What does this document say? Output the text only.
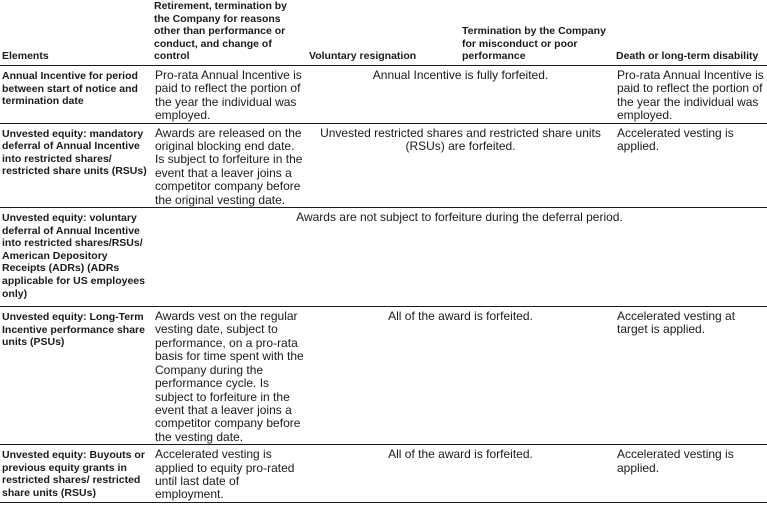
Elements	Retirement, termination by the Company for reasons other than performance or conduct, and change of control	Voluntary resignation	Termination by the Company for misconduct or poor performance	Death or long-term disability
Annual Incentive for period between start of notice and termination date	Pro-rata Annual Incentive is paid to reflect the portion of the year the individual was employed.	Annual Incentive is fully forfeited.		Pro-rata Annual Incentive is paid to reflect the portion of the year the individual was employed.
Unvested equity: mandatory deferral of Annual Incentive into restricted shares/ restricted share units (RSUs)	Awards are released on the original blocking end date. Is subject to forfeiture in the event that a leaver joins a competitor company before the original vesting date.	Unvested restricted shares and restricted share units (RSUs) are forfeited.		Accelerated vesting is applied.
Unvested equity: voluntary deferral of Annual Incentive into restricted shares/RSUs/ American Depository Receipts (ADRs) (ADRs applicable for US employees only)	Awards are not subject to forfeiture during the deferral period.			
Unvested equity: Long-Term Incentive performance share units (PSUs)	Awards vest on the regular vesting date, subject to performance, on a pro-rata basis for time spent with the Company during the performance cycle. Is subject to forfeiture in the event that a leaver joins a competitor company before the vesting date.	All of the award is forfeited.		Accelerated vesting at target is applied.
Unvested equity: Buyouts or previous equity grants in restricted shares/ restricted share units (RSUs)	Accelerated vesting is applied to equity pro-rated until last date of employment.	All of the award is forfeited.		Accelerated vesting is applied.
